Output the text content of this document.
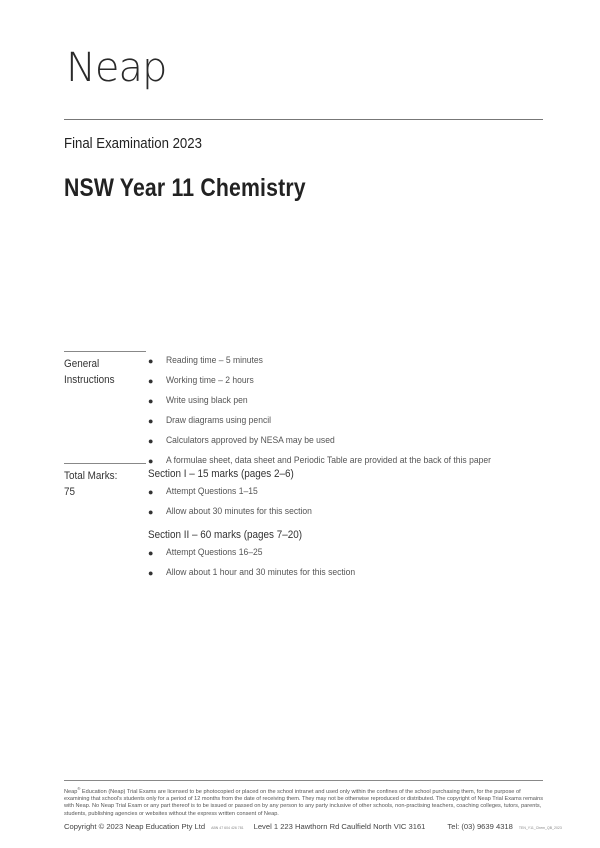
Neap
Final Examination 2023
NSW Year 11 Chemistry
General
Instructions
●	Reading time – 5 minutes
●	Working time – 2 hours
●	Write using black pen
●	Draw diagrams using pencil
●	Calculators approved by NESA may be used
●	A formulae sheet, data sheet and Periodic Table are provided at the back of this paper
Total Marks:
75
Section I – 15 marks (pages 2–6)
●	Attempt Questions 1–15
●	Allow about 30 minutes for this section
Section II – 60 marks (pages 7–20)
●	Attempt Questions 16–25
●	Allow about 1 hour and 30 minutes for this section
Neap® Education (Neap) Trial Exams are licensed to be photocopied or placed on the school intranet and used only within the confines of the school purchasing them, for the purpose of examining that school's students only for a period of 12 months from the date of receiving them. They may not be otherwise reproduced or distributed. The copyright of Neap Trial Exams remains with Neap. No Neap Trial Exam or any part thereof is to be issued or passed on by any person to any party inclusive of other schools, non-practising teachers, coaching colleges, tutors, parents, students, publishing agencies or websites without the express written consent of Neap.
Copyright © 2023 Neap Education Pty Ltd ABN 47 604 426 781 Level 1 223 Hawthorn Rd Caulfield North VIC 3161	Tel: (03) 9639 4318 TEN_Y11_Chem_QB_2023
